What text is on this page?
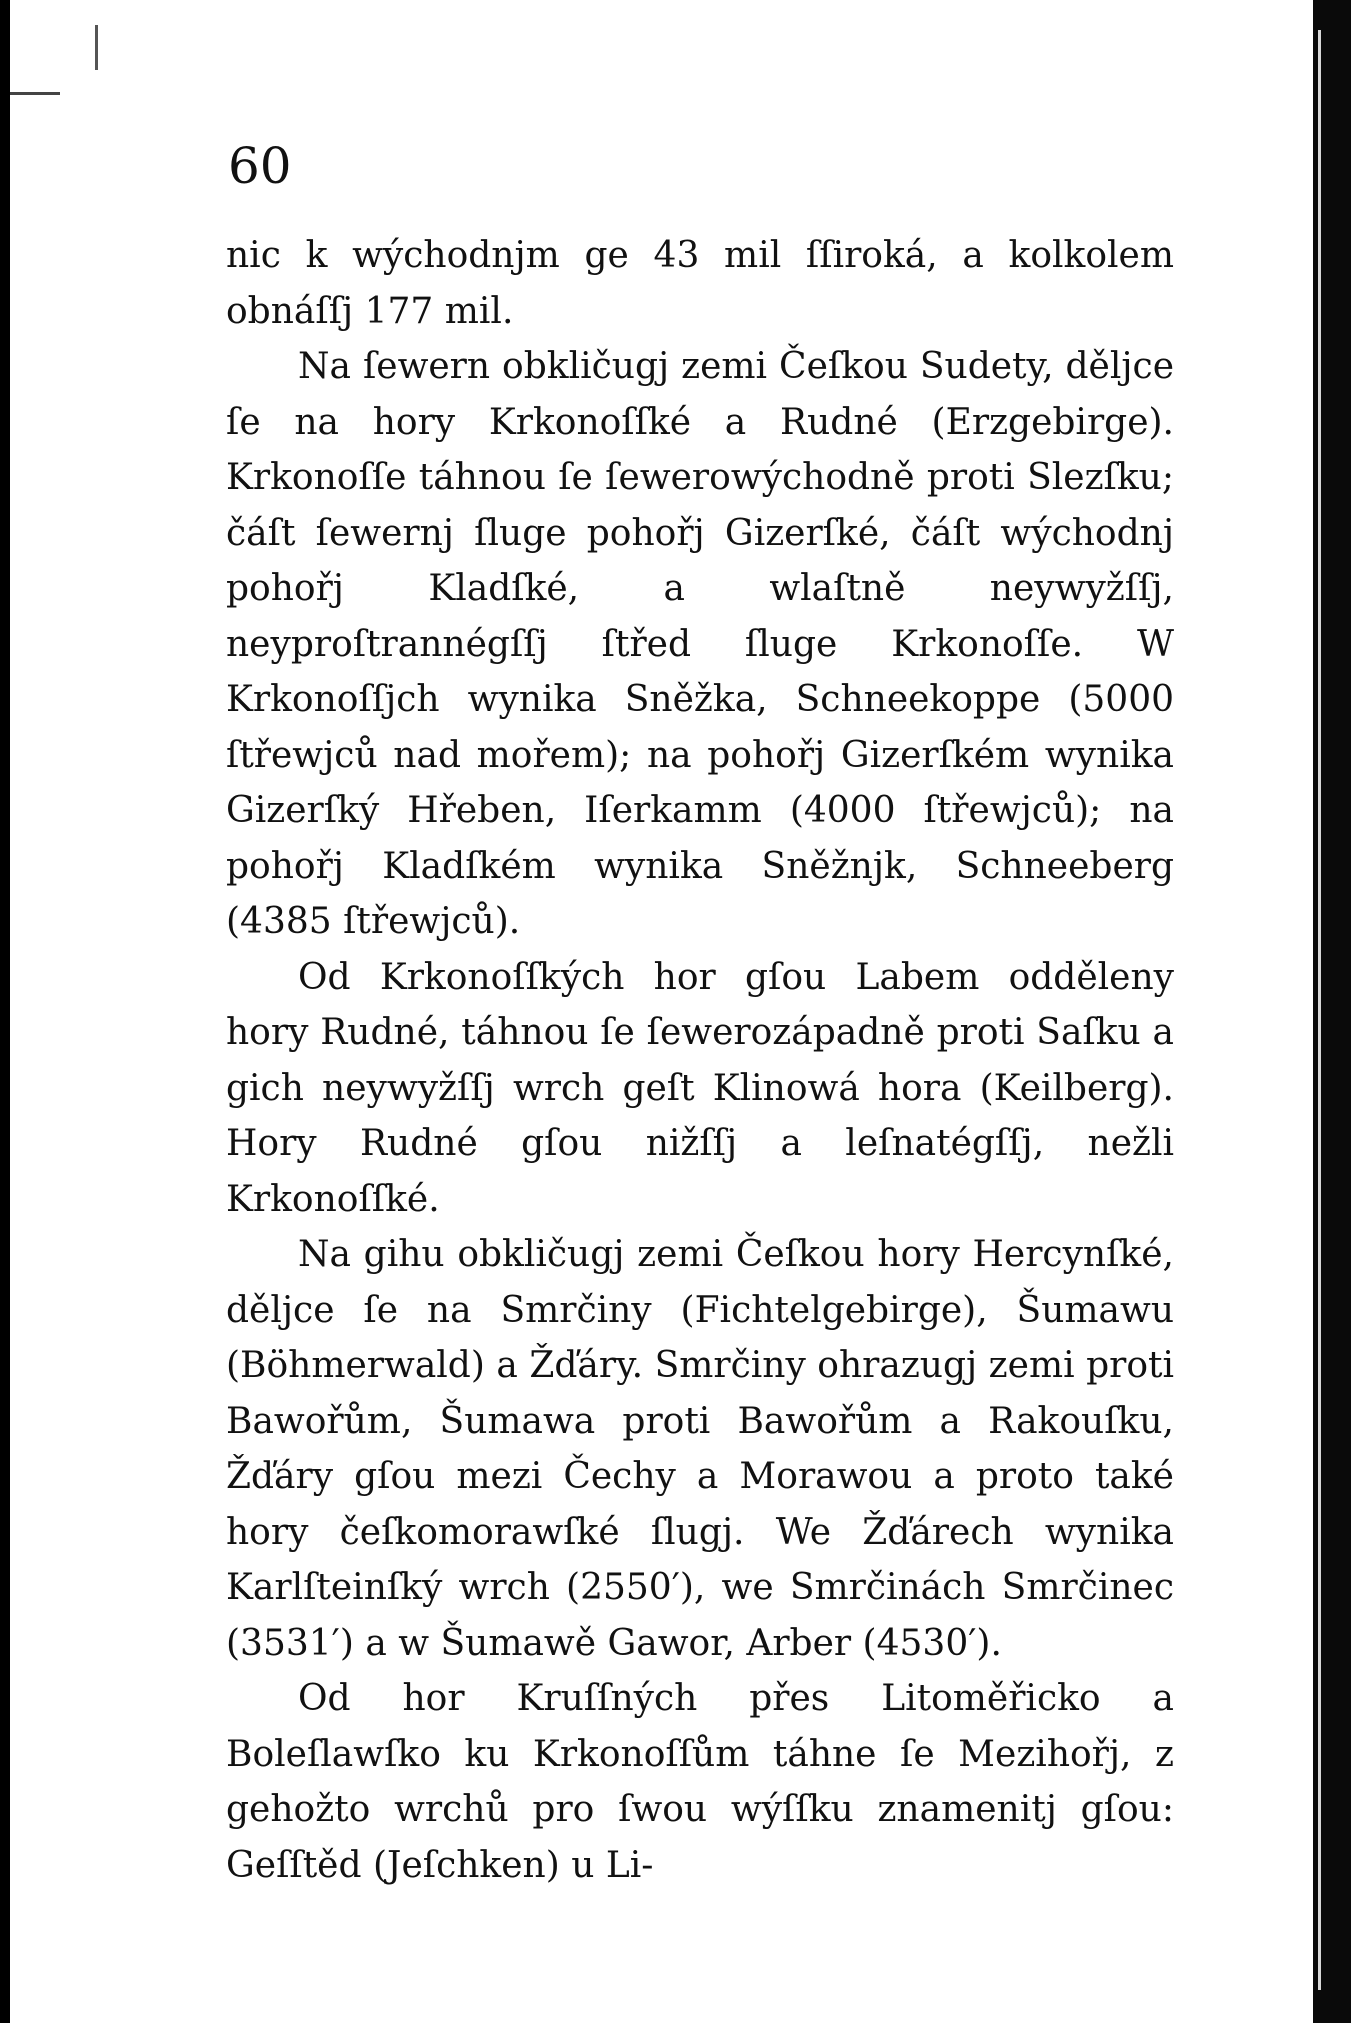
60

nic k wýchodnjm ge 43 mil ſſiroká, a kolkolem obnáſſj 177 mil.

Na ſewern obkličugj zemi Čeſkou Sudety, děljce ſe na hory Krkonoſſké a Rudné (Erzgebirge). Krkonoſſe táhnou ſe ſewerowýchodně proti Slezſku; čáſt ſewernj ſluge pohořj Gizerſké, čáſt wýchodnj pohořj Kladſké, a wlaſtně neywyžſſj, neyproſtrannégſſj ſtřed ſluge Krkonoſſe. W Krkonoſſjch wynika Sněžka, Schneekoppe (5000 ſtřewjců nad mořem); na pohořj Gizerſkém wynika Gizerſký Hřeben, Iſerkamm (4000 ſtřewjců); na pohořj Kladſkém wynika Sněžnjk, Schneeberg (4385 ſtřewjců).

Od Krkonoſſkých hor gſou Labem odděleny hory Rudné, táhnou ſe ſewerozápadně proti Saſku a gich neywyžſſj wrch geſt Klinowá hora (Keilberg). Hory Rudné gſou nižſſj a leſnatégſſj, nežli Krkonoſſké.

Na gihu obkličugj zemi Čeſkou hory Hercynſké, děljce ſe na Smrčiny (Fichtelgebirge), Šumawu (Böhmerwald) a Žďáry. Smrčiny ohrazugj zemi proti Bawořům, Šumawa proti Bawořům a Rakouſku, Žďáry gſou mezi Čechy a Morawou a proto také hory čeſkomorawſké ſlugj. We Žďárech wynika Karlſteinſký wrch (2550′), we Smrčinách Smrčinec (3531′) a w Šumawě Gawor, Arber (4530′).

Od hor Kruſſných přes Litoměřicko a Boleſlawſko ku Krkonoſſům táhne ſe Mezihořj, z gehožto wrchů pro ſwou wýſſku znamenitj gſou: Geſſtěd (Jeſchken) u Li-
